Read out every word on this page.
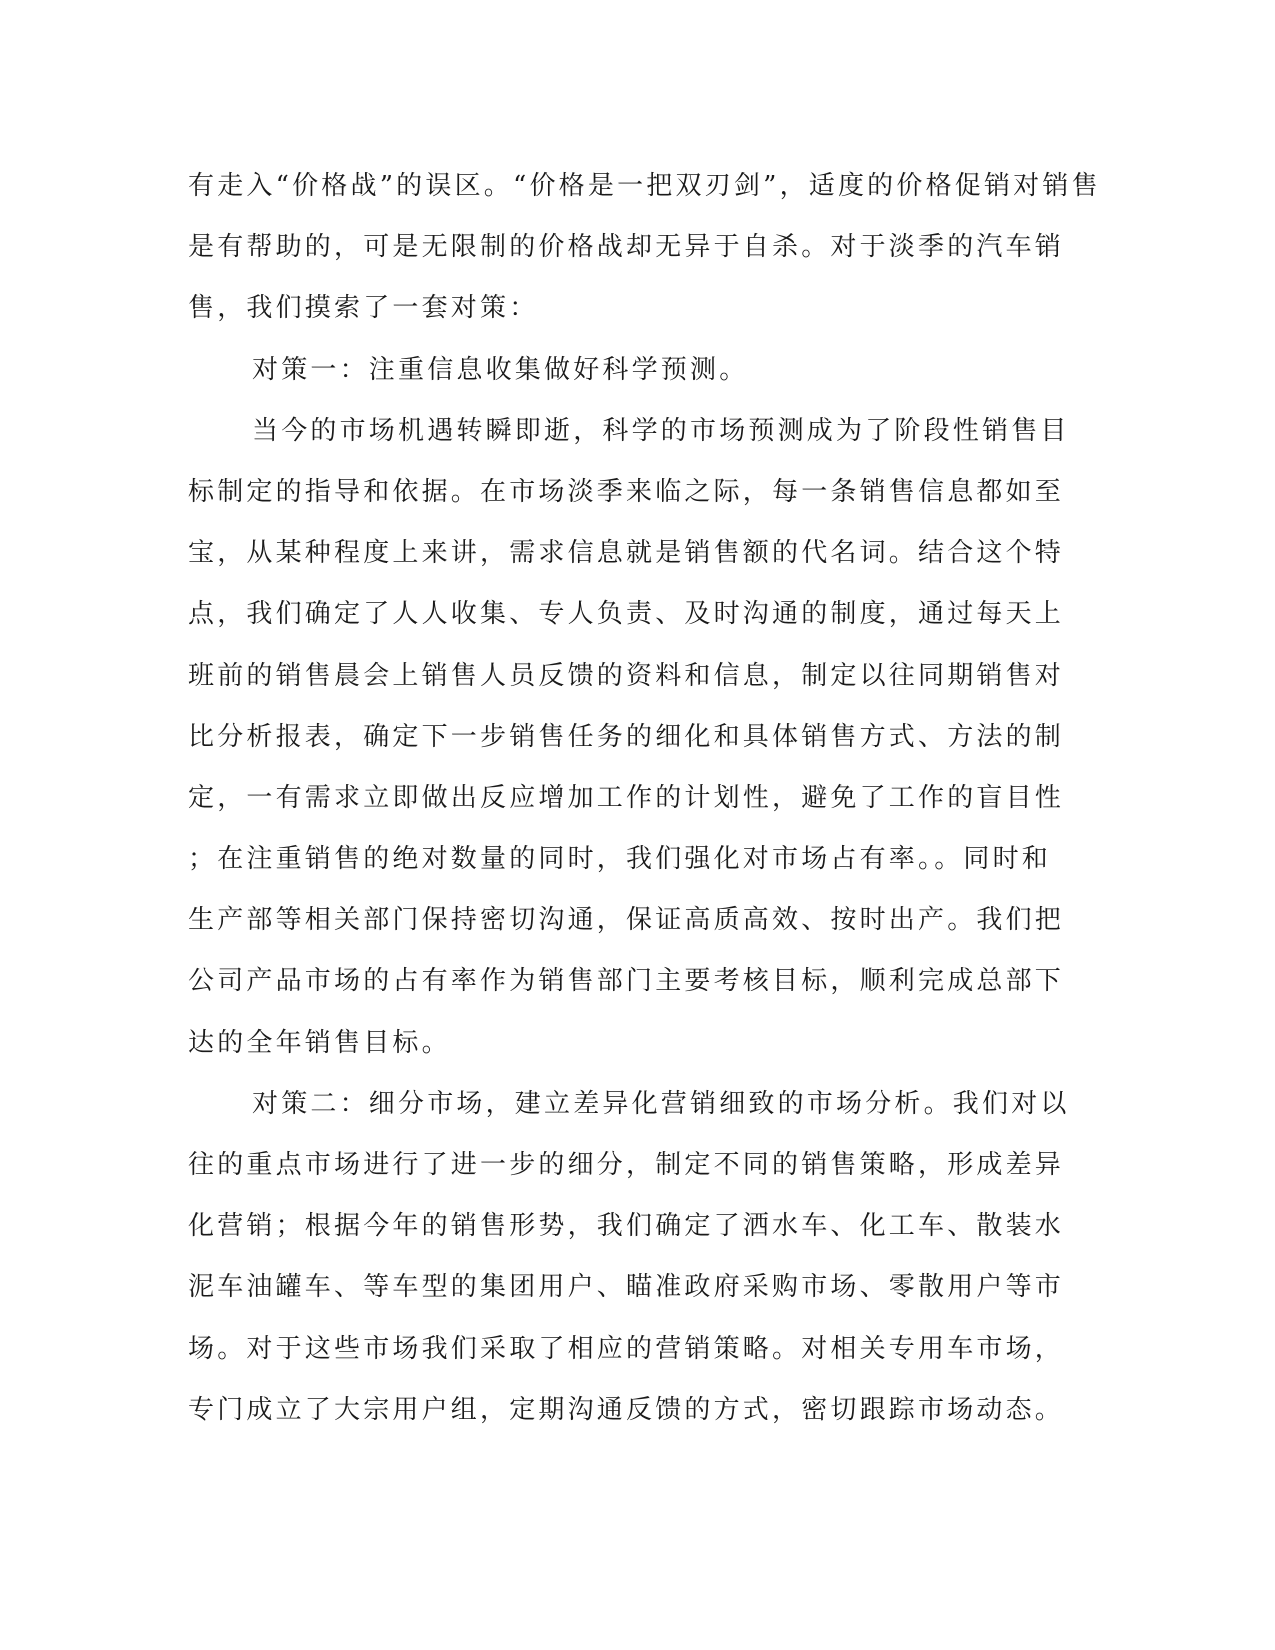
有走入“价格战”的误区。“价格是一把双刃剑”，适度的价格促销对销售
是有帮助的，可是无限制的价格战却无异于自杀。对于淡季的汽车销
售，我们摸索了一套对策：
对策一：注重信息收集做好科学预测。
当今的市场机遇转瞬即逝，科学的市场预测成为了阶段性销售目
标制定的指导和依据。在市场淡季来临之际，每一条销售信息都如至
宝，从某种程度上来讲，需求信息就是销售额的代名词。结合这个特
点，我们确定了人人收集、专人负责、及时沟通的制度，通过每天上
班前的销售晨会上销售人员反馈的资料和信息，制定以往同期销售对
比分析报表，确定下一步销售任务的细化和具体销售方式、方法的制
定，一有需求立即做出反应增加工作的计划性，避免了工作的盲目性
；在注重销售的绝对数量的同时，我们强化对市场占有率。。同时和
生产部等相关部门保持密切沟通，保证高质高效、按时出产。我们把
公司产品市场的占有率作为销售部门主要考核目标，顺利完成总部下
达的全年销售目标。
对策二：细分市场，建立差异化营销细致的市场分析。我们对以
往的重点市场进行了进一步的细分，制定不同的销售策略，形成差异
化营销；根据今年的销售形势，我们确定了洒水车、化工车、散装水
泥车油罐车、等车型的集团用户、瞄准政府采购市场、零散用户等市
场。对于这些市场我们采取了相应的营销策略。对相关专用车市场，
专门成立了大宗用户组，定期沟通反馈的方式，密切跟踪市场动态。
